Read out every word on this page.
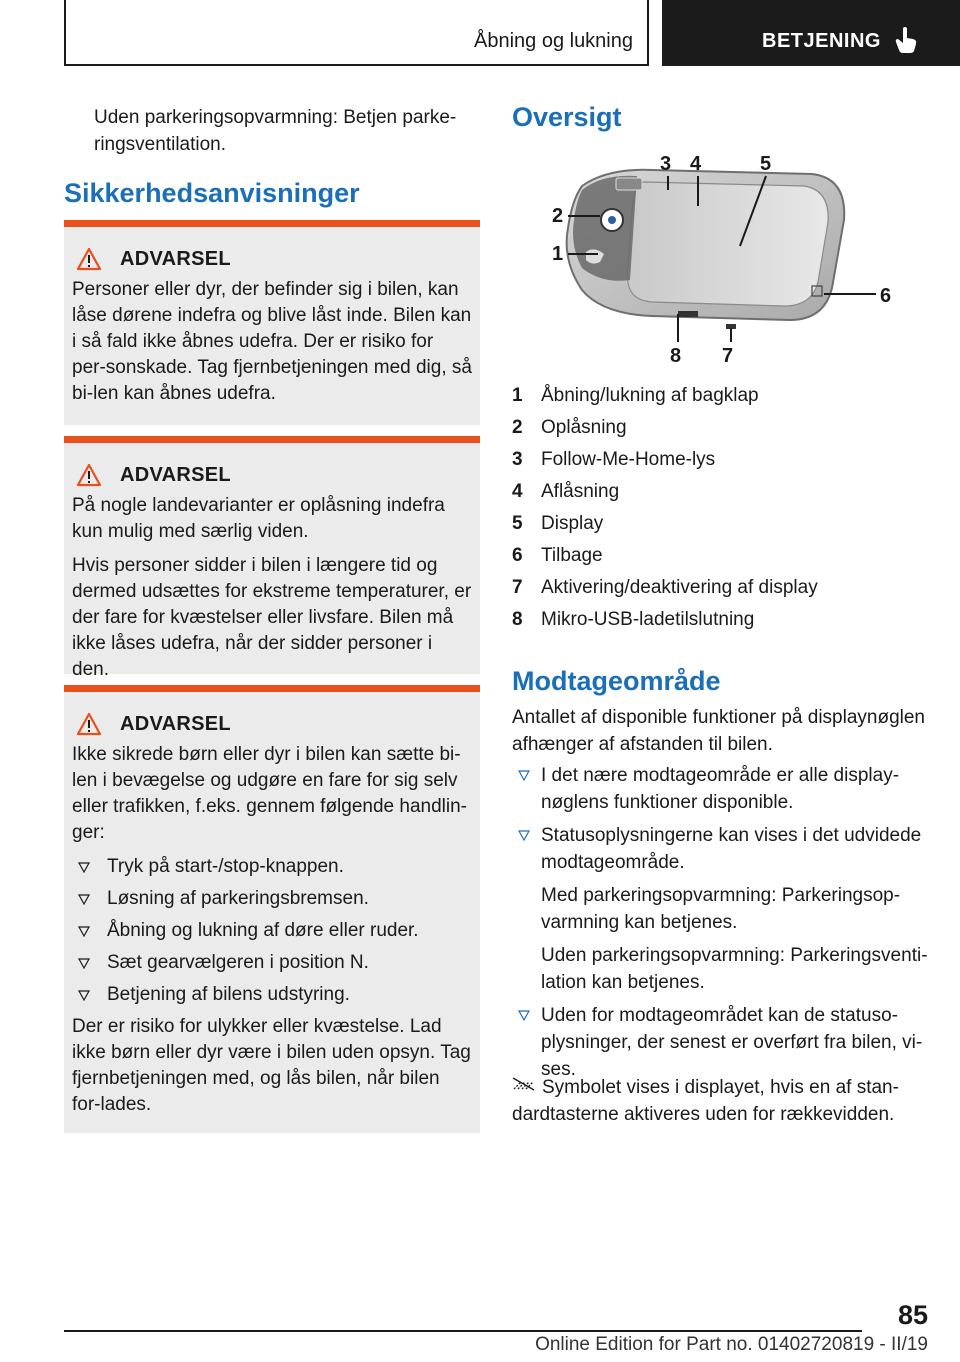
Åbning og lukning	BETJENING
Uden parkeringsopvarmning: Betjen parke-ringsventilation.
Sikkerhedsanvisninger
ADVARSEL

Personer eller dyr, der befinder sig i bilen, kan låse dørene indefra og blive låst inde. Bilen kan i så fald ikke åbnes udefra. Der er risiko for per-sonskade. Tag fjernbetjeningen med dig, så bi-len kan åbnes udefra.

ADVARSEL

På nogle landevarianter er oplåsning indefra kun mulig med særlig viden.

Hvis personer sidder i bilen i længere tid og dermed udsættes for ekstreme temperaturer, er der fare for kvæstelser eller livsfare. Bilen må ikke låses udefra, når der sidder personer i den.

ADVARSEL

Ikke sikrede børn eller dyr i bilen kan sætte bi-len i bevægelse og udgøre en fare for sig selv eller trafikken, f.eks. gennem følgende handlin-ger:

Tryk på start-/stop-knappen.
Løsning af parkeringsbremsen.
Åbning og lukning af døre eller ruder.
Sæt gearvælgeren i position N.
Betjening af bilens udstyring.

Der er risiko for ulykker eller kvæstelse. Lad ikke børn eller dyr være i bilen uden opsyn. Tag fjernbetjeningen med, og lås bilen, når bilen for-lades.

Oversigt
1
2
3 4	5
6
7
8
1 Åbning/lukning af bagklap
2 Oplåsning
3 Follow-Me-Home-lys
4 Aflåsning
5 Display
6 Tilbage
7 Aktivering/deaktivering af display
8 Mikro-USB-ladetilslutning
Modtageområde
Antallet af disponible funktioner på displaynøglen afhænger af afstanden til bilen.

I det nære modtageområde er alle display-nøglens funktioner disponible.

Statusoplysningerne kan vises i det udvidede modtageområde.

Med parkeringsopvarmning: Parkeringsop-varmning kan betjenes.

Uden parkeringsopvarmning: Parkeringsventi-lation kan betjenes.

Uden for modtageområdet kan de statuso-plysninger, der senest er overført fra bilen, vi-ses.

Symbolet vises i displayet, hvis en af stan-dardtasterne aktiveres uden for rækkevidden.
85
Online Edition for Part no. 01402720819 - II/19
